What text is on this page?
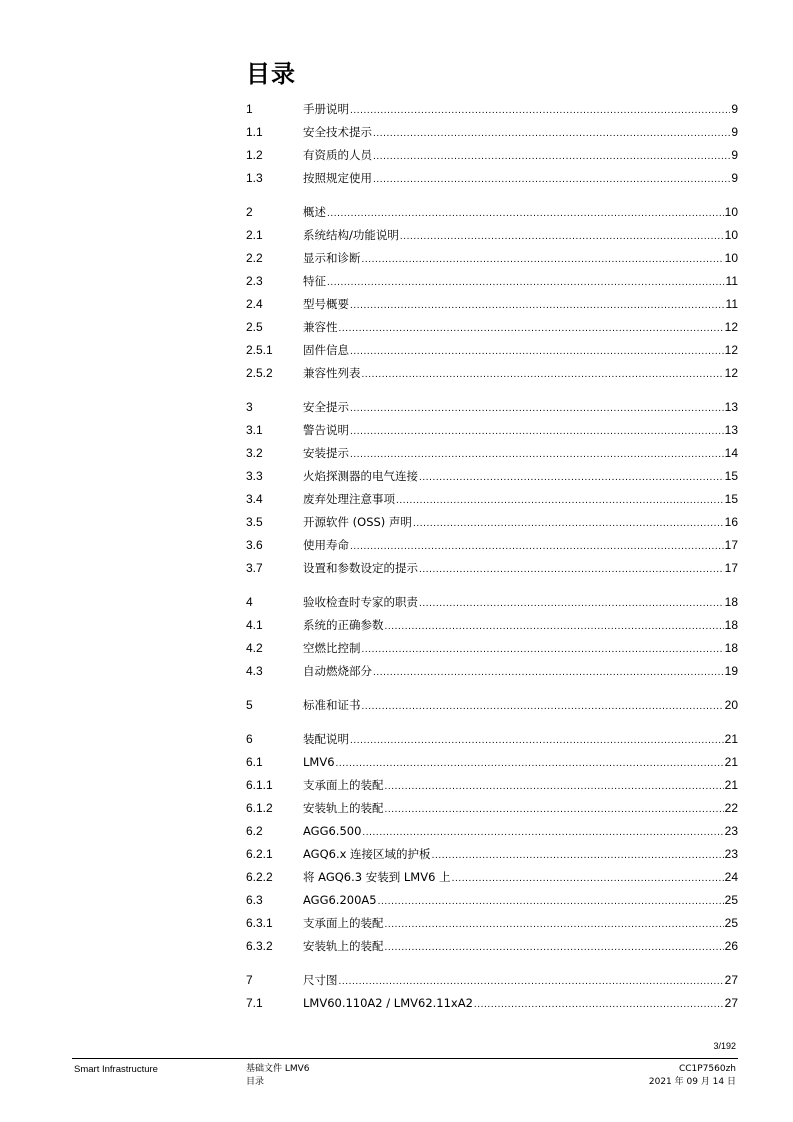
目录
1	手册说明 .....	9
1.1	安全技术提示 .....	9
1.2	有资质的人员 .....	9
1.3	按照规定使用 .....	9
2	概述 .....	10
2.1	系统结构/功能说明 .....	10
2.2	显示和诊断 .....	10
2.3	特征 .....	11
2.4	型号概要 .....	11
2.5	兼容性 .....	12
2.5.1	固件信息 .....	12
2.5.2	兼容性列表 .....	12
3	安全提示 .....	13
3.1	警告说明 .....	13
3.2	安装提示 .....	14
3.3	火焰探测器的电气连接 .....	15
3.4	废弃处理注意事项 .....	15
3.5	开源软件 (OSS) 声明 .....	16
3.6	使用寿命 .....	17
3.7	设置和参数设定的提示 .....	17
4	验收检查时专家的职责 .....	18
4.1	系统的正确参数 .....	18
4.2	空燃比控制 .....	18
4.3	自动燃烧部分 .....	19
5	标准和证书 .....	20
6	装配说明 .....	21
6.1	LMV6 .....	21
6.1.1	支承面上的装配 .....	21
6.1.2	安装轨上的装配 .....	22
6.2	AGG6.500 .....	23
6.2.1	AGQ6.x 连接区域的护板 .....	23
6.2.2	将 AGQ6.3 安装到 LMV6 上 .....	24
6.3	AGG6.200A5 .....	25
6.3.1	支承面上的装配 .....	25
6.3.2	安装轨上的装配 .....	26
7	尺寸图 .....	27
7.1	LMV60.110A2 / LMV62.11xA2 .....	27
3/192
Smart Infrastructure	基础文件 LMV6
目录
CC1P7560zh
2021 年 09 月 14 日
